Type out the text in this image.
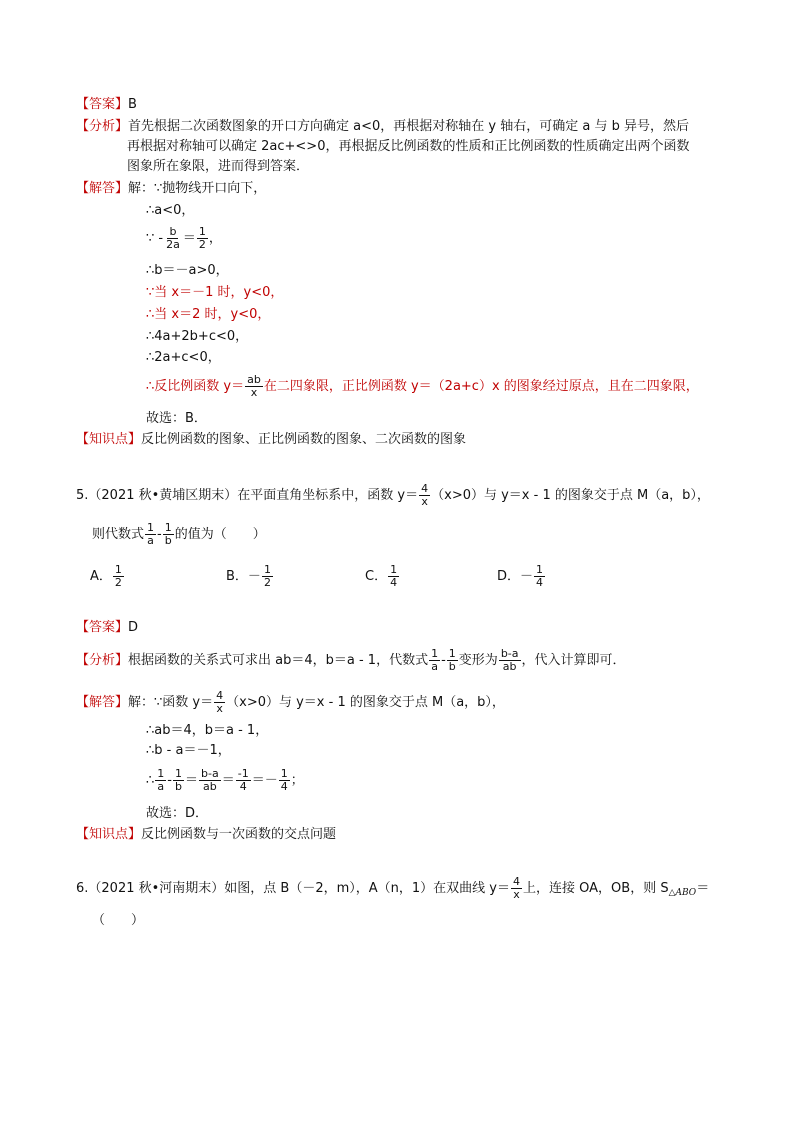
【答案】B
【分析】首先根据二次函数图象的开口方向确定 a<0，再根据对称轴在 y 轴右，可确定 a 与 b 异号，然后
再根据对称轴可以确定 2ac+<>0，再根据反比例函数的性质和正比例函数的性质确定出两个函数
图象所在象限，进而得到答案．
【解答】解：∵抛物线开口向下，
∴a<0，
∵ - $\frac{b}{2a} = \frac{1}{2}$ ，
∴b＝－a>0，
∵当 x＝－1 时，y<0，
∴当 x＝2 时，y<0，
∴4a+2b+c<0，
∴2a+c<0，
∴反比例函数 $y= \frac{ab}{x}$ 在二四象限，正比例函数 y＝（2a+c）x 的图象经过原点，且在二四象限，
故选：B．
【知识点】反比例函数的图象、正比例函数的图象、二次函数的图象
5.（2021 秋•黄埔区期末）在平面直角坐标系中，函数 $y= \frac{4}{x} (x>0)$与 y＝x - 1 的图象交于点 M（a，b），
则代数式 $\frac{1}{a} - \frac{1}{b}$ 的值为（　　）
A． $\frac{1}{2}$	B．－ $\frac{1}{2}$	C． $\frac{1}{4}$	D．－ $\frac{1}{4}$
【答案】D
【分析】根据函数的关系式可求出 ab＝4，b＝a - 1，代数式 $\frac{1}{a} - \frac{1}{b}$ 变形为 $\frac{b-a}{ab}$ ，代入计算即可．
【解答】解：∵函数 $y= \frac{4}{x} (x>0)$与 y＝x - 1 的图象交于点 M（a，b），
∴ab＝4，b＝a - 1，
∴b - a＝－1，
∴ $\frac{1}{a} - \frac{1}{b} = \frac{b-a}{ab} = \frac{-1}{4} =- \frac{1}{4}$ ；
故选：D．
【知识点】反比例函数与一次函数的交点问题
6.（2021 秋•河南期末）如图，点 B（－2，m），A（n，1）在双曲线 $y= \frac{4}{x}$ 上，连接 OA，OB，则 $S_{\triangle ABO}=$
（　　）
